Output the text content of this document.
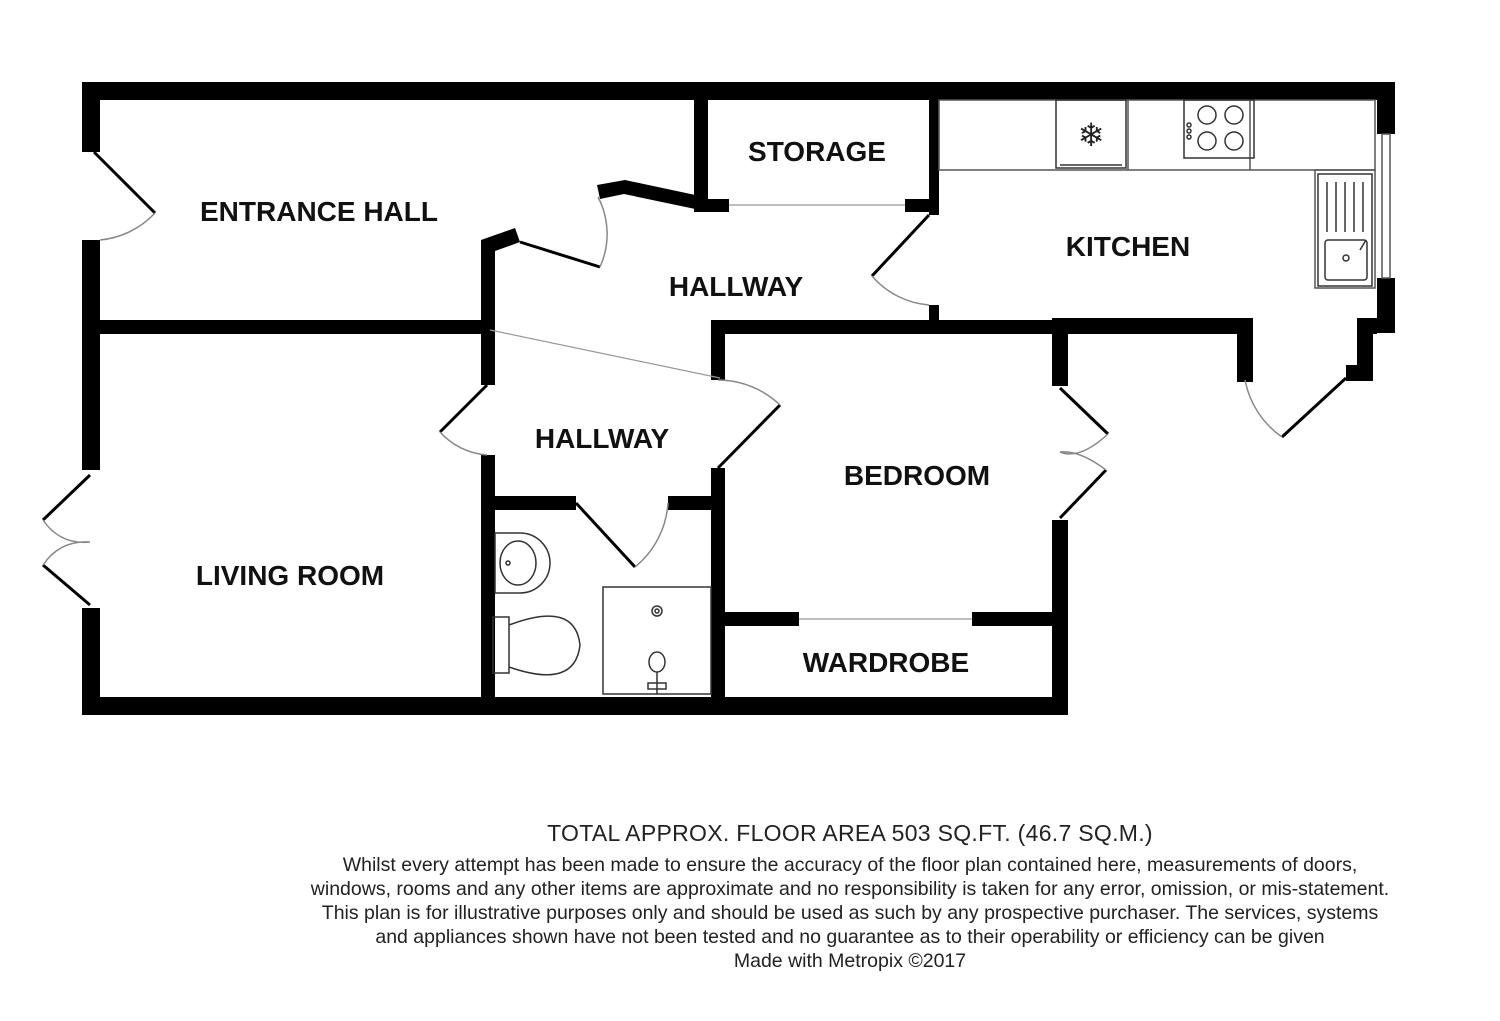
❄
ENTRANCE HALL
STORAGE
KITCHEN
HALLWAY
HALLWAY
BEDROOM
LIVING ROOM
WARDROBE
TOTAL APPROX. FLOOR AREA 503 SQ.FT. (46.7 SQ.M.)
Whilst every attempt has been made to ensure the accuracy of the floor plan contained here, measurements of doors, windows, rooms and any other items are approximate and no responsibility is taken for any error, omission, or mis-statement. This plan is for illustrative purposes only and should be used as such by any prospective purchaser. The services, systems and appliances shown have not been tested and no guarantee as to their operability or efficiency can be given
Made with Metropix ©2017
